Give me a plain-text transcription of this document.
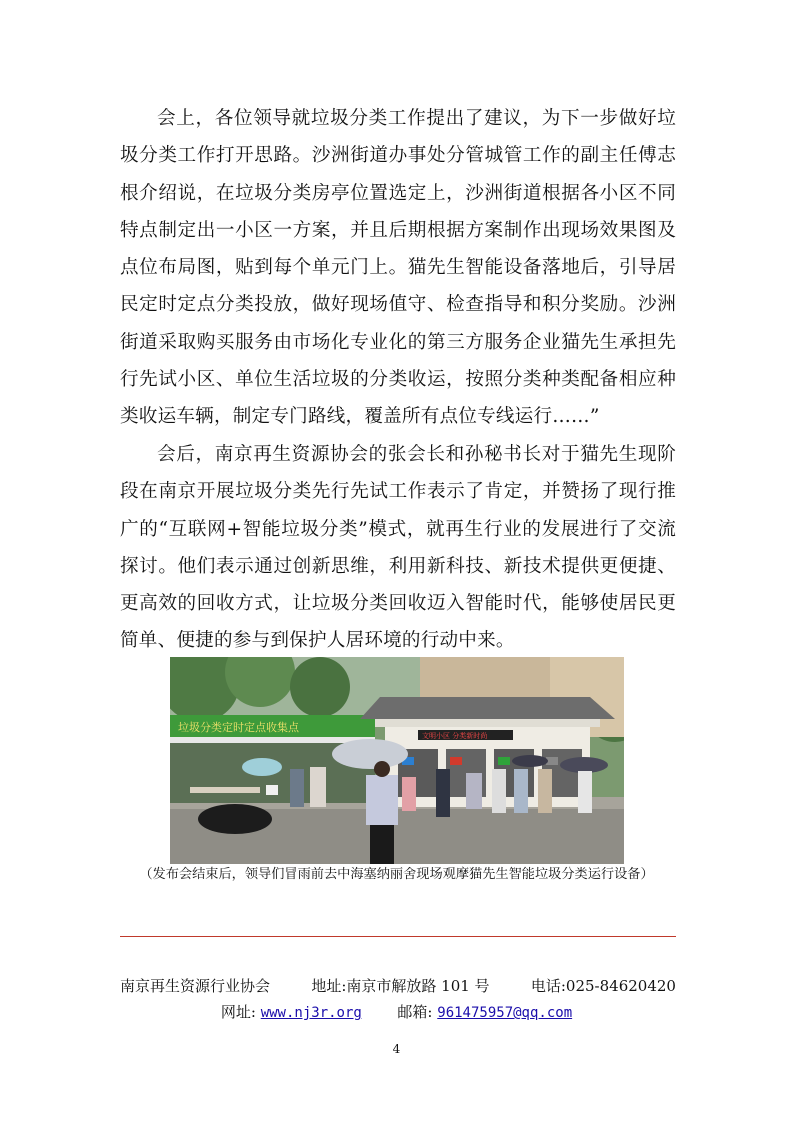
会上，各位领导就垃圾分类工作提出了建议，为下一步做好垃圾分类工作打开思路。沙洲街道办事处分管城管工作的副主任傅志根介绍说，在垃圾分类房亭位置选定上，沙洲街道根据各小区不同特点制定出一小区一方案，并且后期根据方案制作出现场效果图及点位布局图，贴到每个单元门上。猫先生智能设备落地后，引导居民定时定点分类投放，做好现场值守、检查指导和积分奖励。沙洲街道采取购买服务由市场化专业化的第三方服务企业猫先生承担先行先试小区、单位生活垃圾的分类收运，按照分类种类配备相应种类收运车辆，制定专门路线，覆盖所有点位专线运行……”

会后，南京再生资源协会的张会长和孙秘书长对于猫先生现阶段在南京开展垃圾分类先行先试工作表示了肯定，并赞扬了现行推广的“互联网+智能垃圾分类”模式，就再生行业的发展进行了交流探讨。他们表示通过创新思维，利用新科技、新技术提供更便捷、更高效的回收方式，让垃圾分类回收迈入智能时代，能够使居民更简单、便捷的参与到保护人居环境的行动中来。

垃圾分类定时定点收集点
文明小区 分类新时尚

（发布会结束后，领导们冒雨前去中海塞纳丽舍现场观摩猫先生智能垃圾分类运行设备）

南京再生资源行业协会	地址:南京市解放路 101 号	电话:025-84620420

网址: www.nj3r.org 邮箱: 961475957@qq.com

4
